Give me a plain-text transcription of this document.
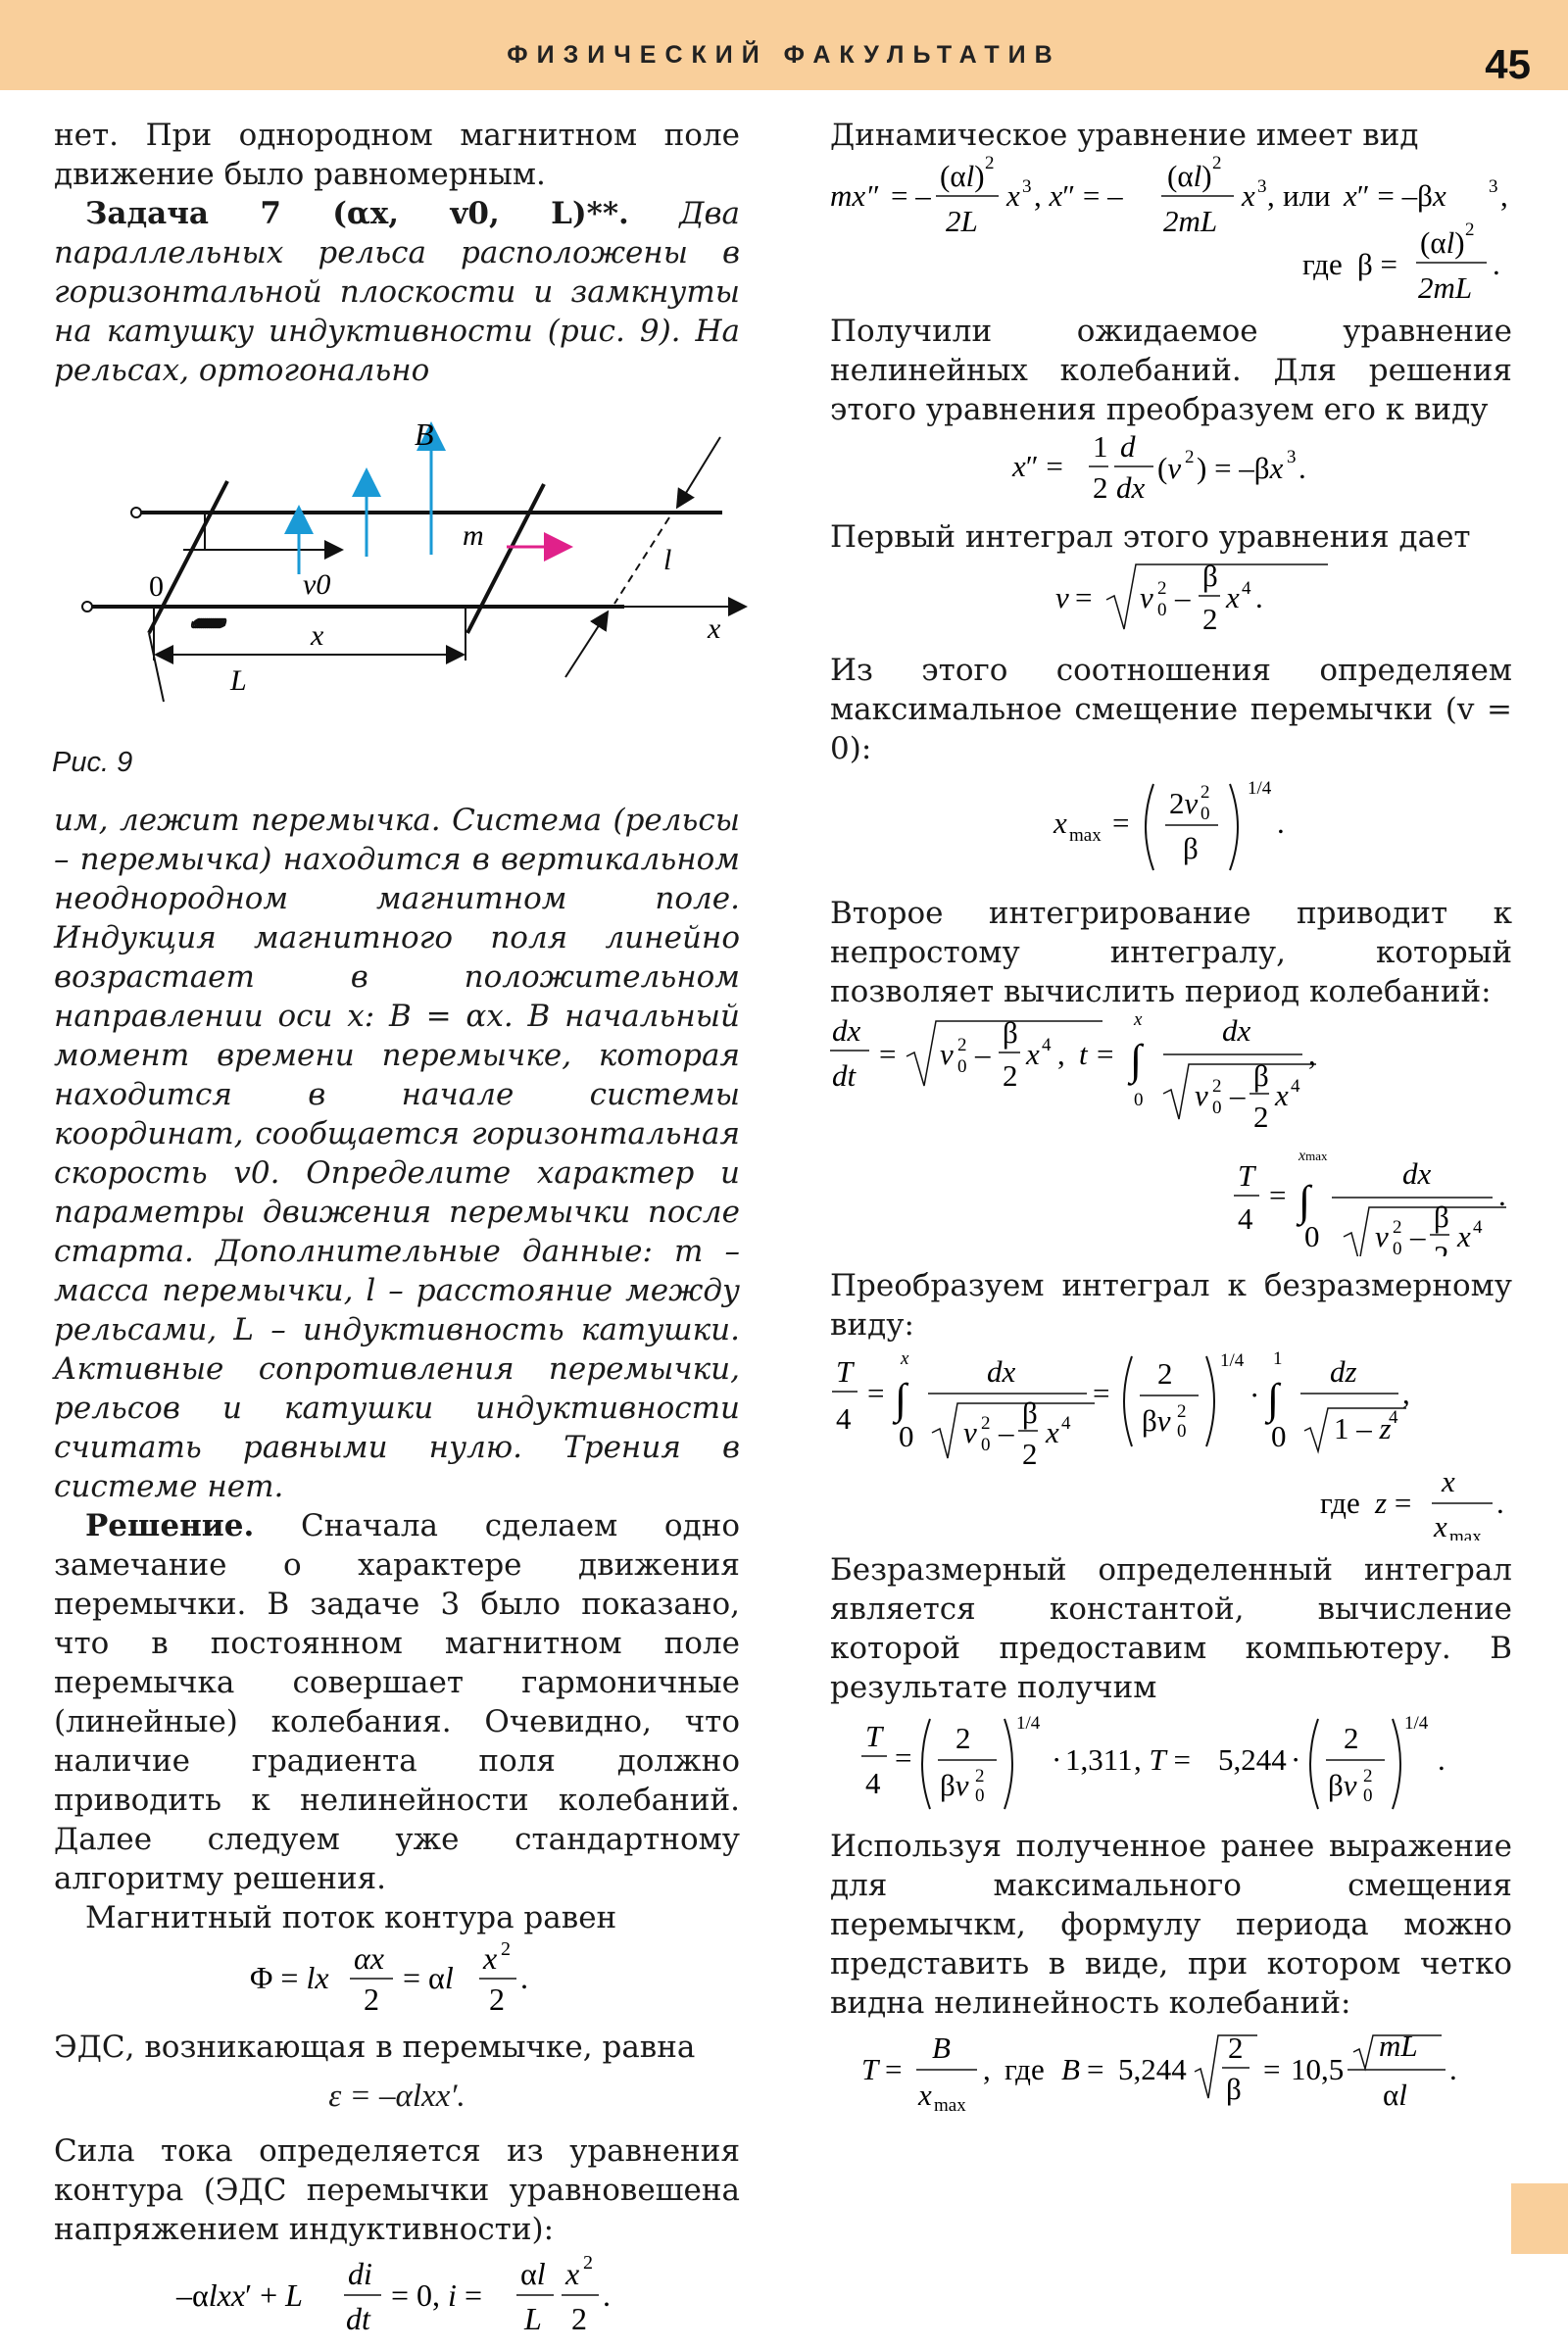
ФИЗИЧЕСКИЙ ФАКУЛЬТАТИВ	45

нет. При однородном магнитном поле движение было равномерным.

Задача 7 (αx, v0, L)**. Два параллельных рельса расположены в горизонтальной плоскости и замкнуты на катушку индуктивности (рис. 9). На рельсах, ортогонально

B
m
l
0	v0
x
x
L
Рис. 9

им, лежит перемычка. Система (рельсы – перемычка) находится в вертикальном неоднородном магнитном поле. Индукция магнитного поля линейно возрастает в положительном направлении оси x: B = αx. В начальный момент времени перемычке, которая находится в начале системы координат, сообщается горизонтальная скорость v0. Определите характер и параметры движения перемычки после старта. Дополнительные данные: m – масса перемычки, l – расстояние между рельсами, L – индуктивность катушки. Активные сопротивления перемычки, рельсов и катушки индуктивности считать равными нулю. Трения в системе нет.

Решение. Сначала сделаем одно замечание о характере движения перемычки. В задаче 3 было показано, что в постоянном магнитном поле перемычка совершает гармоничные (линейные) колебания. Очевидно, что наличие градиента поля должно приводить к нелинейности колебаний. Далее следуем уже стандартному алгоритму решения.

Магнитный поток контура равен

Φ = lx
αx
2
= αl
x 2
2
.

ЭДС, возникающая в перемычке, равна

ε = –αlxx′.

Сила тока определяется из уравнения контура (ЭДС перемычки уравновешена напряжением индуктивности):

–αlxx′ + L
di
dt
= 0, i =
αl
L
x 2
2
.

Динамическое уравнение имеет вид

mx″ = –
(αl) 2
2L
x 3 , x″ = –
(αl) 2
2mL
x 3 , или x″ = –βx 3 ,
где β =
(αl) 2
2mL
.

Получили ожидаемое уравнение нелинейных колебаний. Для решения этого уравнения преобразуем его к виду

x″ =
1
2
d
dx
(v 2 ) = –βx 3 .

Первый интеграл этого уравнения дает

v = v 0
2 –
β
2
x 4 .

Из этого соотношения определяем максимальное смещение перемычки (v = 0):

x max =
2v 0
2
β
1/4
.

Второе интегрирование приводит к непростому интегралу, который позволяет вычислить период колебаний:

dx
dt
= v 0
2 –
β
2
x 4 , t = ∫
x
0
dx
v 0
2 –
β
2
x 4
,
T
4
= ∫
xmax
0
dx
v 0
2 –
β
2
x 4
.

Преобразуем интеграл к безразмерному виду:

T
4
= ∫
x
0
dx
v 0
2 –
β
2
x 4
=
2
βv 0
2
1/4
· ∫
1
0
dz
1 – z
4
,
где z =
x
x max
.

Безразмерный определенный интеграл является константой, вычисление которой предоставим компьютеру. В результате получим

T
4
=
2
βv 0
2
1/4
· 1,311 , T = 5,244 ·
2
βv 0
2
1/4
.

Используя полученное ранее выражение для максимального смещения перемычкм, формулу периода можно представить в виде, при котором четко видна нелинейность колебаний:

T =
B
x max
, где B = 5,244
2
β
= 10,5
mL
αl
.
